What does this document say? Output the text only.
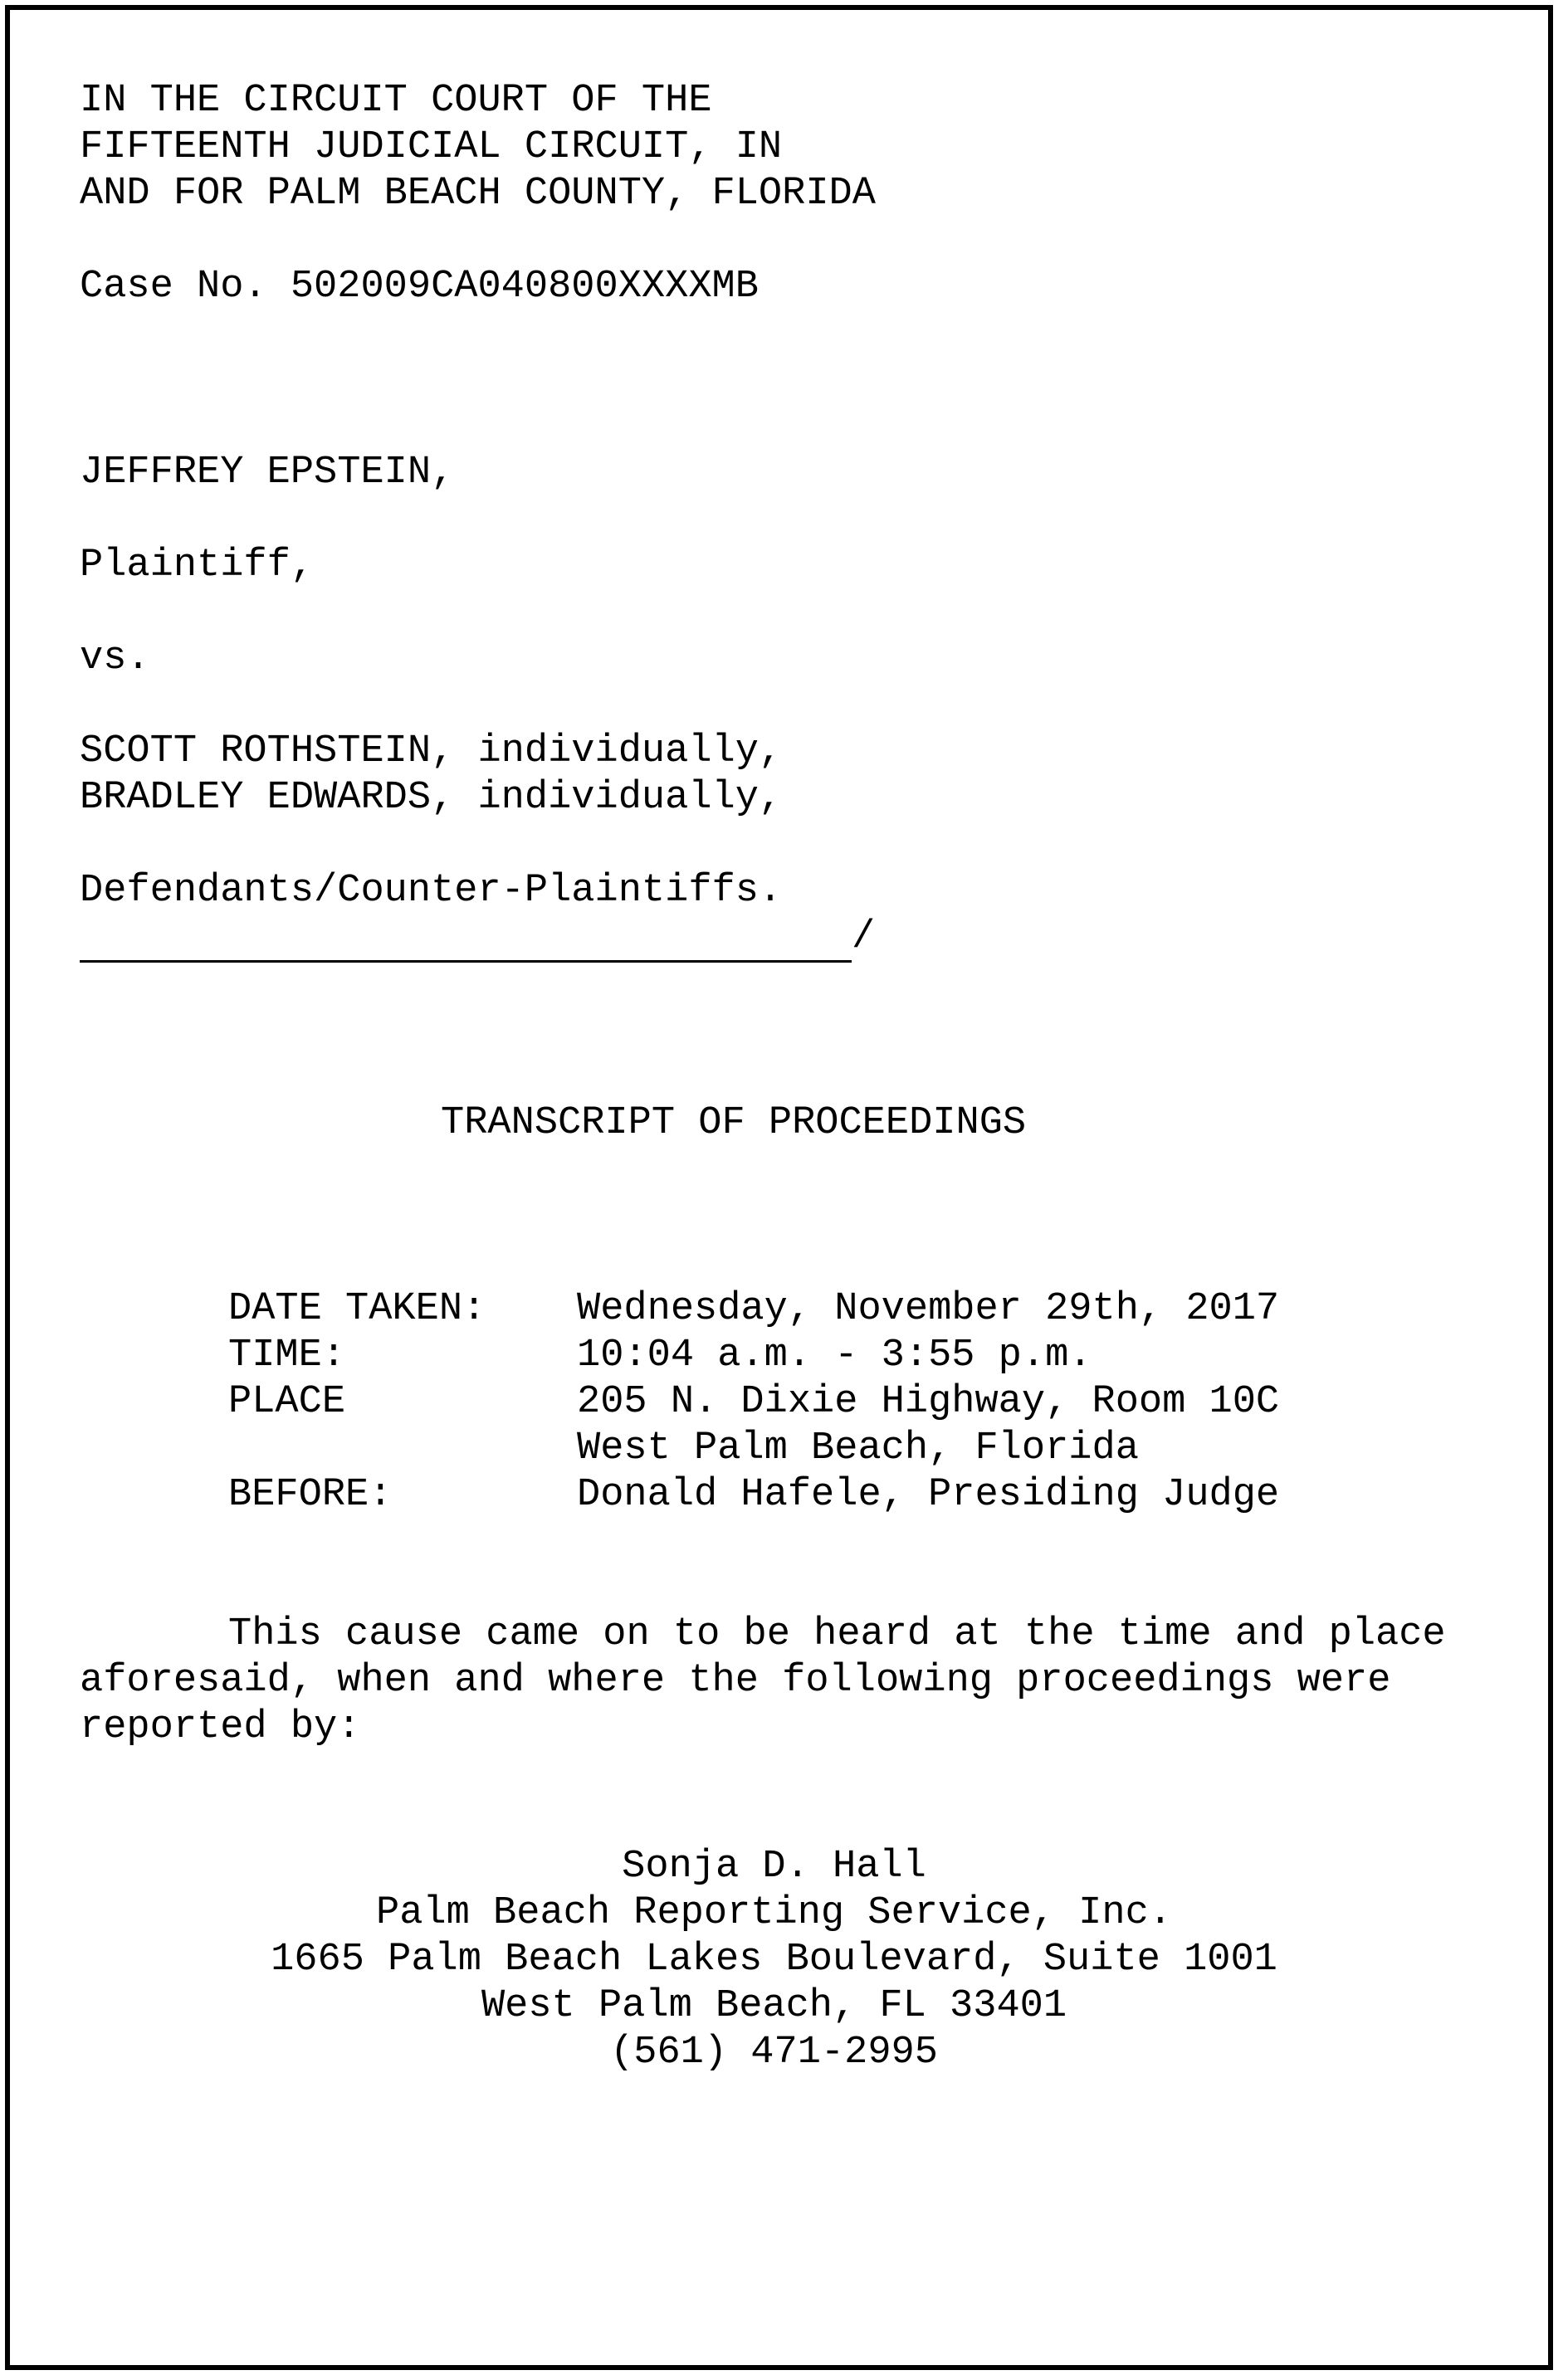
IN THE CIRCUIT COURT OF THE

FIFTEENTH JUDICIAL CIRCUIT, IN

AND FOR PALM BEACH COUNTY, FLORIDA

Case No. 502009CA040800XXXXMB

JEFFREY EPSTEIN,

Plaintiff,

vs.

SCOTT ROTHSTEIN, individually,

BRADLEY EDWARDS, individually,

Defendants/Counter-Plaintiffs.

/

TRANSCRIPT OF PROCEEDINGS

DATE TAKEN: Wednesday, November 29th, 2017

TIME:	10:04 a.m. - 3:55 p.m.

PLACE	205 N. Dixie Highway, Room 10C

West Palm Beach, Florida

BEFORE:	Donald Hafele, Presiding Judge

This cause came on to be heard at the time and place

aforesaid, when and where the following proceedings were

reported by:

Sonja D. Hall

Palm Beach Reporting Service, Inc.

1665 Palm Beach Lakes Boulevard, Suite 1001

West Palm Beach, FL 33401

(561) 471-2995
